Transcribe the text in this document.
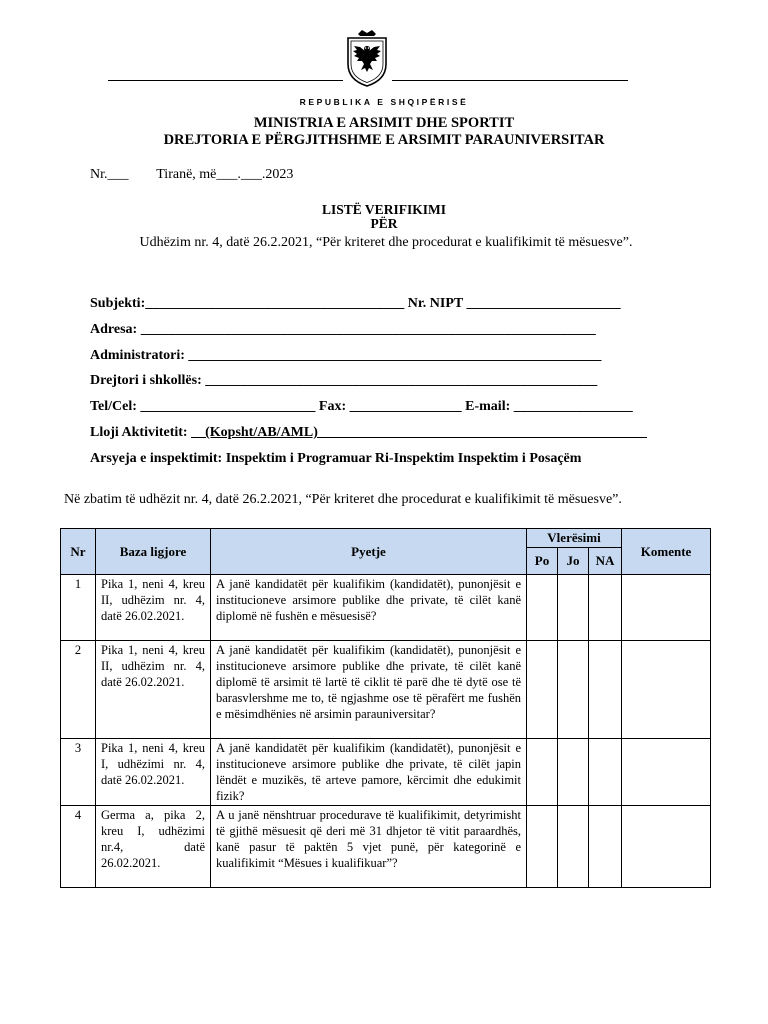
REPUBLIKA E SHQIPËRISË
MINISTRIA E ARSIMIT DHE SPORTIT
DREJTORIA E PËRGJITHSHME E ARSIMIT PARAUNIVERSITAR
Nr.___ Tiranë, më___.___.2023
LISTË VERIFIKIMI
PËR
Udhëzim nr. 4, datë 26.2.2021, “Për kriteret dhe procedurat e kualifikimit të mësuesve”.
Subjekti:_____________________________________ Nr. NIPT ______________________
Adresa: _________________________________________________________________
Administratori: ___________________________________________________________
Drejtori i shkollës: ________________________________________________________
Tel/Cel: _________________________ Fax: ________________ E-mail: _________________
Lloji Aktivitetit: __(Kopsht/AB/AML)_______________________________________________
Arsyeja e inspektimit: Inspektim i Programuar Ri-Inspektim Inspektim i Posaçëm
Në zbatim të udhëzit nr. 4, datë 26.2.2021, “Për kriteret dhe procedurat e kualifikimit të mësuesve”.
Nr	Baza ligjore	Pyetje	Vlerësimi			Komente
			Po	Jo	NA	
1	Pika 1, neni 4, kreu II, udhëzim nr. 4, datë 26.02.2021.	A janë kandidatët për kualifikim (kandidatët), punonjësit e institucioneve arsimore publike dhe private, të cilët kanë diplomë në fushën e mësuesisë?				
2	Pika 1, neni 4, kreu II, udhëzim nr. 4, datë 26.02.2021.	A janë kandidatët për kualifikim (kandidatët), punonjësit e institucioneve arsimore publike dhe private, të cilët kanë diplomë të arsimit të lartë të ciklit të parë dhe të dytë ose të barasvlershme me to, të ngjashme ose të përafërt me fushën e mësimdhënies në arsimin parauniversitar?				
3	Pika 1, neni 4, kreu I, udhëzimi nr. 4, datë 26.02.2021.	A janë kandidatët për kualifikim (kandidatët), punonjësit e institucioneve arsimore publike dhe private, të cilët japin lëndët e muzikës, të arteve pamore, kërcimit dhe edukimit fizik?				
4	Germa a, pika 2, kreu I, udhëzimi nr.4, datë 26.02.2021.	A u janë nënshtruar procedurave të kualifikimit, detyrimisht të gjithë mësuesit që deri më 31 dhjetor të vitit paraardhës, kanë pasur të paktën 5 vjet punë, për kategorinë e kualifikimit “Mësues i kualifikuar”?				
